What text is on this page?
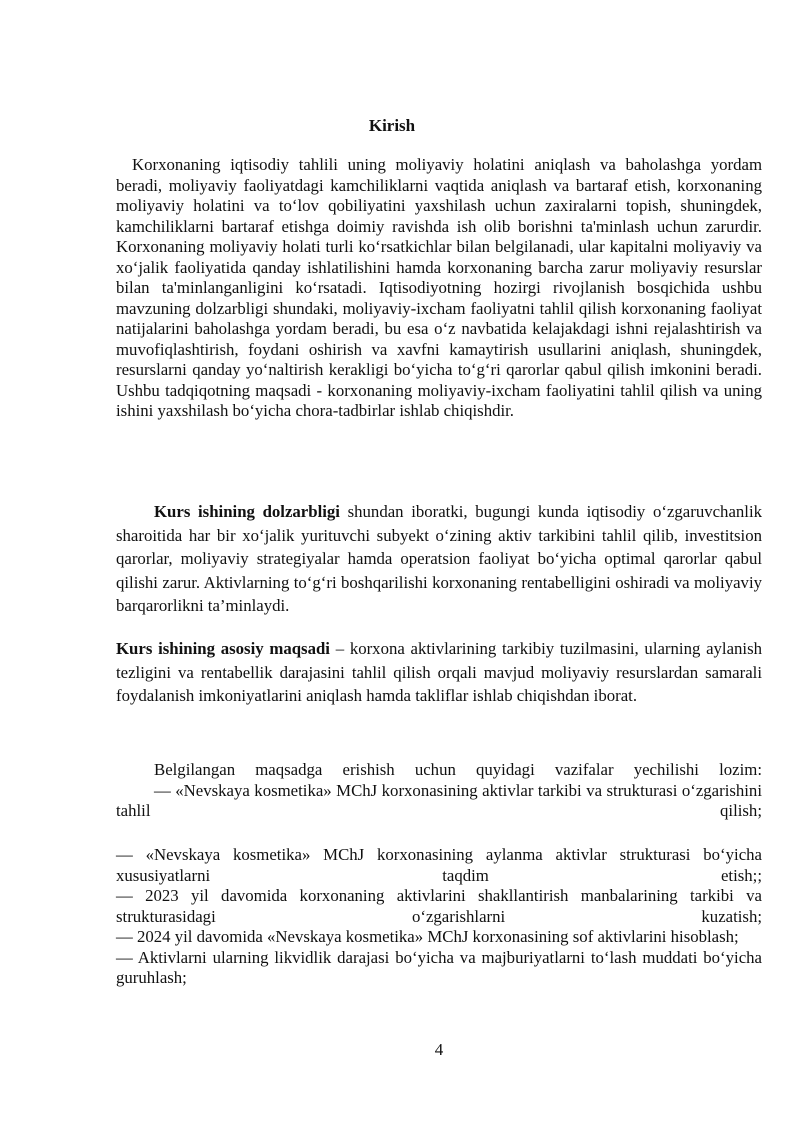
Kirish

Korxonaning iqtisodiy tahlili uning moliyaviy holatini aniqlash va baholashga yordam beradi, moliyaviy faoliyatdagi kamchiliklarni vaqtida aniqlash va bartaraf etish, korxonaning moliyaviy holatini va to‘lov qobiliyatini yaxshilash uchun zaxiralarni topish, shuningdek, kamchiliklarni bartaraf etishga doimiy ravishda ish olib borishni ta'minlash uchun zarurdir. Korxonaning moliyaviy holati turli ko‘rsatkichlar bilan belgilanadi, ular kapitalni moliyaviy va xo‘jalik faoliyatida qanday ishlatilishini hamda korxonaning barcha zarur moliyaviy resurslar bilan ta'minlanganligini ko‘rsatadi. Iqtisodiyotning hozirgi rivojlanish bosqichida ushbu mavzuning dolzarbligi shundaki, moliyaviy-ixcham faoliyatni tahlil qilish korxonaning faoliyat natijalarini baholashga yordam beradi, bu esa o‘z navbatida kelajakdagi ishni rejalashtirish va muvofiqlashtirish, foydani oshirish va xavfni kamaytirish usullarini aniqlash, shuningdek, resurslarni qanday yo‘naltirish kerakligi bo‘yicha to‘g‘ri qarorlar qabul qilish imkonini beradi. Ushbu tadqiqotning maqsadi - korxonaning moliyaviy-ixcham faoliyatini tahlil qilish va uning ishini yaxshilash bo‘yicha chora-tadbirlar ishlab chiqishdir.

Kurs ishining dolzarbligi shundan iboratki, bugungi kunda iqtisodiy o‘zgaruvchanlik sharoitida har bir xo‘jalik yurituvchi subyekt o‘zining aktiv tarkibini tahlil qilib, investitsion qarorlar, moliyaviy strategiyalar hamda operatsion faoliyat bo‘yicha optimal qarorlar qabul qilishi zarur. Aktivlarning to‘g‘ri boshqarilishi korxonaning rentabelligini oshiradi va moliyaviy barqarorlikni ta’minlaydi.

Kurs ishining asosiy maqsadi – korxona aktivlarining tarkibiy tuzilmasini, ularning aylanish tezligini va rentabellik darajasini tahlil qilish orqali mavjud moliyaviy resurslardan samarali foydalanish imkoniyatlarini aniqlash hamda takliflar ishlab chiqishdan iborat.

Belgilangan maqsadga erishish uchun quyidagi vazifalar yechilishi lozim:
— «Nevskaya kosmetika» MChJ korxonasining aktivlar tarkibi va strukturasi o‘zgarishini tahlil qilish;
— «Nevskaya kosmetika» MChJ korxonasining aylanma aktivlar strukturasi bo‘yicha xususiyatlarni taqdim etish;;
— 2023 yil davomida korxonaning aktivlarini shakllantirish manbalarining tarkibi va strukturasidagi o‘zgarishlarni kuzatish;
— 2024 yil davomida «Nevskaya kosmetika» MChJ korxonasining sof aktivlarini hisoblash;
— Aktivlarni ularning likvidlik darajasi bo‘yicha va majburiyatlarni to‘lash muddati bo‘yicha guruhlash;
4
